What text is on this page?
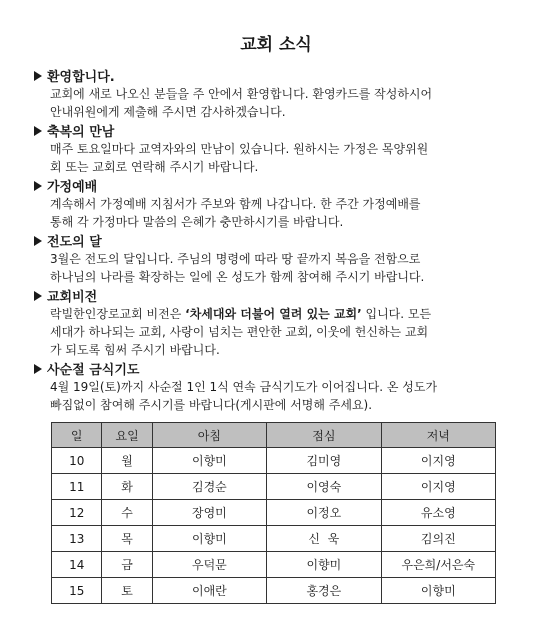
교회 소식
환영합니다.

교회에 새로 나오신 분들을 주 안에서 환영합니다. 환영카드를 작성하시어

안내위원에게 제출해 주시면 감사하겠습니다.

축복의 만남

매주 토요일마다 교역자와의 만남이 있습니다. 원하시는 가정은 목양위원

회 또는 교회로 연락해 주시기 바랍니다.

가정예배

계속해서 가정예배 지침서가 주보와 함께 나갑니다. 한 주간 가정예배를

통해 각 가정마다 말씀의 은혜가 충만하시기를 바랍니다.

전도의 달

3월은 전도의 달입니다. 주님의 명령에 따라 땅 끝까지 복음을 전함으로

하나님의 나라를 확장하는 일에 온 성도가 함께 참여해 주시기 바랍니다.

교회비전

락빌한인장로교회 비전은 ‘차세대와 더불어 열려 있는 교회’ 입니다. 모든

세대가 하나되는 교회, 사랑이 넘치는 편안한 교회, 이웃에 헌신하는 교회

가 되도록 힘써 주시기 바랍니다.

사순절 금식기도

4월 19일(토)까지 사순절 1인 1식 연속 금식기도가 이어집니다. 온 성도가

빠짐없이 참여해 주시기를 바랍니다(게시판에 서명해 주세요).

일	요일	아침	점심	저녁
10	월	이향미	김미영	이지영
11	화	김경순	이영숙	이지영
12	수	장영미	이정오	유소영
13	목	이향미	신  욱	김의진
14	금	우덕문	이향미	우은희/서은숙
15	토	이애란	홍경은	이향미
